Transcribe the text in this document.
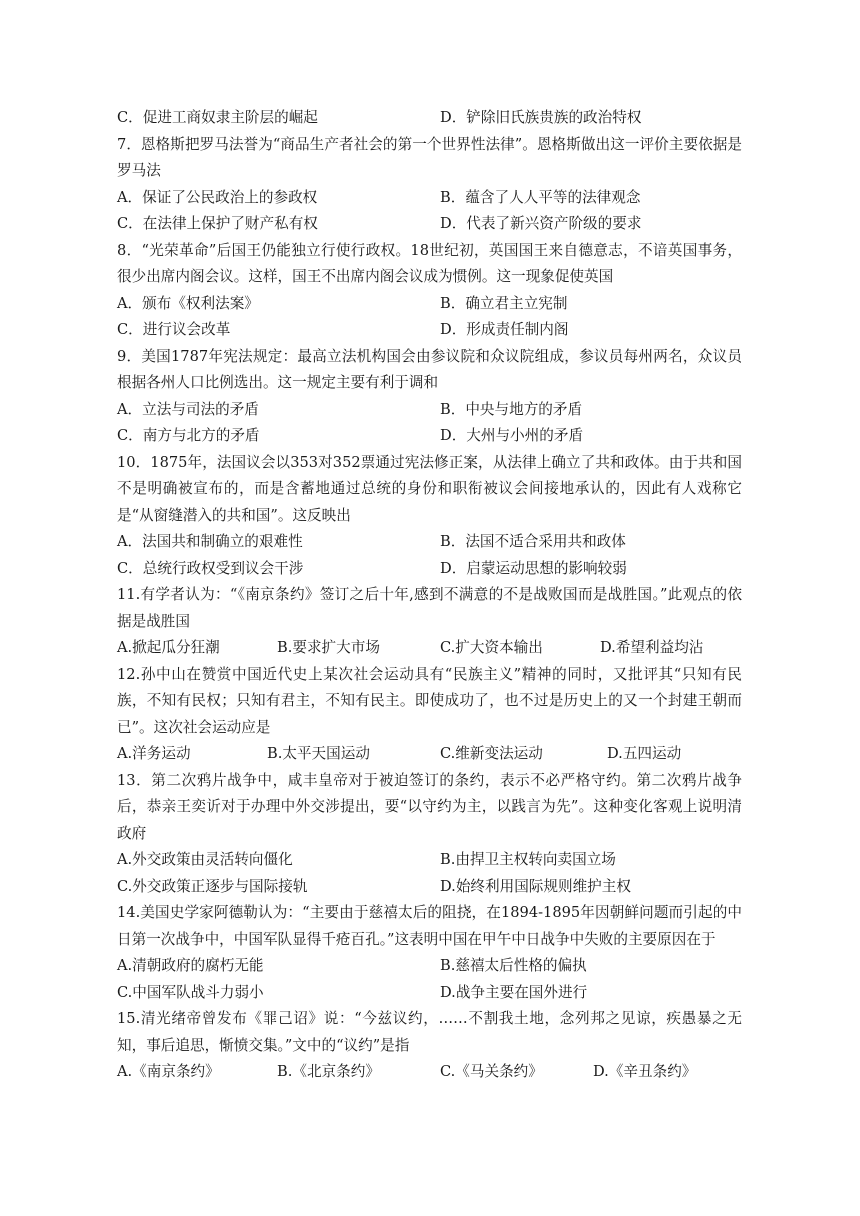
C．促进工商奴隶主阶层的崛起	D．铲除旧氏族贵族的政治特权
7．恩格斯把罗马法誉为“商品生产者社会的第一个世界性法律”。恩格斯做出这一评价主要依据是罗马法
A．保证了公民政治上的参政权	B．蕴含了人人平等的法律观念
C．在法律上保护了财产私有权	D．代表了新兴资产阶级的要求
8．“光荣革命”后国王仍能独立行使行政权。18世纪初，英国国王来自德意志，不谙英国事务，很少出席内阁会议。这样，国王不出席内阁会议成为惯例。这一现象促使英国
A．颁布《权利法案》	B．确立君主立宪制
C．进行议会改革	D．形成责任制内阁
9．美国1787年宪法规定：最高立法机构国会由参议院和众议院组成，参议员每州两名，众议员根据各州人口比例选出。这一规定主要有利于调和
A．立法与司法的矛盾	B．中央与地方的矛盾
C．南方与北方的矛盾	D．大州与小州的矛盾
10．1875年，法国议会以353对352票通过宪法修正案，从法律上确立了共和政体。由于共和国不是明确被宣布的，而是含蓄地通过总统的身份和职衔被议会间接地承认的，因此有人戏称它是“从窗缝潜入的共和国”。这反映出
A．法国共和制确立的艰难性	B．法国不适合采用共和政体
C．总统行政权受到议会干涉	D．启蒙运动思想的影响较弱
11.有学者认为：“《南京条约》签订之后十年,感到不满意的不是战败国而是战胜国。”此观点的依据是战胜国
A.掀起瓜分狂潮	B.要求扩大市场	C.扩大资本输出	D.希望利益均沾
12.孙中山在赞赏中国近代史上某次社会运动具有“民族主义”精神的同时，又批评其“只知有民族，不知有民权；只知有君主，不知有民主。即使成功了，也不过是历史上的又一个封建王朝而已”。这次社会运动应是
A.洋务运动	B.太平天国运动	C.维新变法运动	D.五四运动
13．第二次鸦片战争中，咸丰皇帝对于被迫签订的条约，表示不必严格守约。第二次鸦片战争后，恭亲王奕䜣对于办理中外交涉提出，要“以守约为主，以践言为先”。这种变化客观上说明清政府
A.外交政策由灵活转向僵化	B.由捍卫主权转向卖国立场
C.外交政策正逐步与国际接轨	D.始终利用国际规则维护主权
14.美国史学家阿德勒认为：“主要由于慈禧太后的阻挠，在1894-1895年因朝鲜问题而引起的中日第一次战争中，中国军队显得千疮百孔。”这表明中国在甲午中日战争中失败的主要原因在于
A.清朝政府的腐朽无能	B.慈禧太后性格的偏执
C.中国军队战斗力弱小	D.战争主要在国外进行
15.清光绪帝曾发布《罪己诏》说：“今兹议约，……不割我土地，念列邦之见谅，疾愚暴之无知，事后追思，惭愤交集。”文中的“议约”是指
A.《南京条约》	B.《北京条约》	C.《马关条约》	D.《辛丑条约》
